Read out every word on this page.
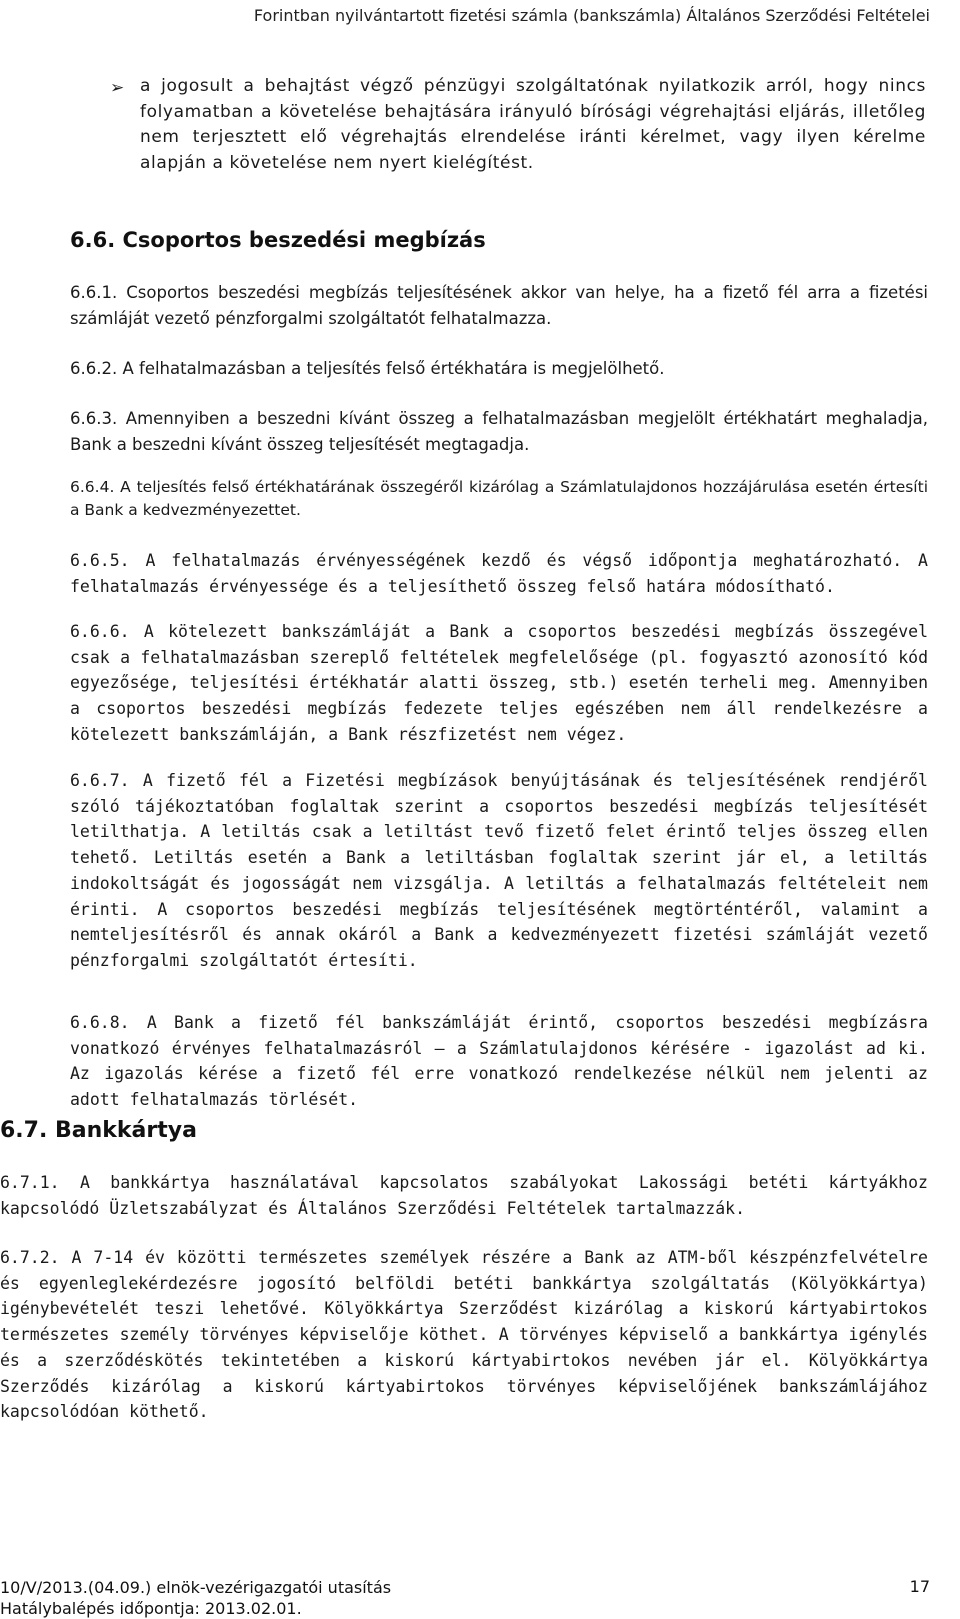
Forintban nyilvántartott fizetési számla (bankszámla) Általános Szerződési Feltételei
➢ a jogosult a behajtást végző pénzügyi szolgáltatónak nyilatkozik arról, hogy nincs folyamatban a követelése behajtására irányuló bírósági végrehajtási eljárás, illetőleg nem terjesztett elő végrehajtás elrendelése iránti kérelmet, vagy ilyen kérelme alapján a követelése nem nyert kielégítést.
6.6. Csoportos beszedési megbízás
6.6.1. Csoportos beszedési megbízás teljesítésének akkor van helye, ha a fizető fél arra a fizetési számláját vezető pénzforgalmi szolgáltatót felhatalmazza.
6.6.2. A felhatalmazásban a teljesítés felső értékhatára is megjelölhető.
6.6.3. Amennyiben a beszedni kívánt összeg a felhatalmazásban megjelölt értékhatárt meghaladja, Bank a beszedni kívánt összeg teljesítését megtagadja.
6.6.4. A teljesítés felső értékhatárának összegéről kizárólag a Számlatulajdonos hozzájárulása esetén értesíti a Bank a kedvezményezettet.
6.6.5. A felhatalmazás érvényességének kezdő és végső időpontja meghatározható. A felhatalmazás érvényessége és a teljesíthető összeg felső határa módosítható.
6.6.6. A kötelezett bankszámláját a Bank a csoportos beszedési megbízás összegével csak a felhatalmazásban szereplő feltételek megfelelősége (pl. fogyasztó azonosító kód egyezősége, teljesítési értékhatár alatti összeg, stb.) esetén terheli meg. Amennyiben a csoportos beszedési megbízás fedezete teljes egészében nem áll rendelkezésre a kötelezett bankszámláján, a Bank részfizetést nem végez.
6.6.7. A fizető fél a Fizetési megbízások benyújtásának és teljesítésének rendjéről szóló tájékoztatóban foglaltak szerint a csoportos beszedési megbízás teljesítését letilthatja. A letiltás csak a letiltást tevő fizető felet érintő teljes összeg ellen tehető. Letiltás esetén a Bank a letiltásban foglaltak szerint jár el, a letiltás indokoltságát és jogosságát nem vizsgálja. A letiltás a felhatalmazás feltételeit nem érinti. A csoportos beszedési megbízás teljesítésének megtörténtéről, valamint a nemteljesítésről és annak okáról a Bank a kedvezményezett fizetési számláját vezető pénzforgalmi szolgáltatót értesíti.
6.6.8. A Bank a fizető fél bankszámláját érintő, csoportos beszedési megbízásra vonatkozó érvényes felhatalmazásról – a Számlatulajdonos kérésére - igazolást ad ki. Az igazolás kérése a fizető fél erre vonatkozó rendelkezése nélkül nem jelenti az adott felhatalmazás törlését.
6.7. Bankkártya
6.7.1. A bankkártya használatával kapcsolatos szabályokat Lakossági betéti kártyákhoz kapcsolódó Üzletszabályzat és Általános Szerződési Feltételek tartalmazzák.
6.7.2. A 7-14 év közötti természetes személyek részére a Bank az ATM-ből készpénzfelvételre és egyenleglekérdezésre jogosító belföldi betéti bankkártya szolgáltatás (Kölyökkártya) igénybevételét teszi lehetővé. Kölyökkártya Szerződést kizárólag a kiskorú kártyabirtokos természetes személy törvényes képviselője köthet. A törvényes képviselő a bankkártya igénylés és a szerződéskötés tekintetében a kiskorú kártyabirtokos nevében jár el. Kölyökkártya Szerződés kizárólag a kiskorú kártyabirtokos törvényes képviselőjének bankszámlájához kapcsolódóan köthető.
10/V/2013.(04.09.) elnök-vezérigazgatói utasítás
Hatálybalépés időpontja: 2013.02.01.
17
